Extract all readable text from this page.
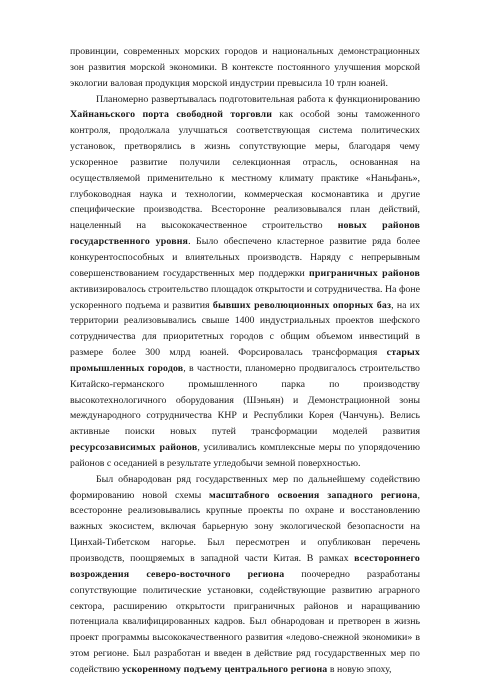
провинции, современных морских городов и национальных демонстрационных зон развития морской экономики. В контексте постоянного улучшения морской экологии валовая продукция морской индустрии превысила 10 трлн юаней.

Планомерно развертывалась подготовительная работа к функционированию Хайнаньского порта свободной торговли как особой зоны таможенного контроля, продолжала улучшаться соответствующая система политических установок, претворялись в жизнь сопутствующие меры, благодаря чему ускоренное развитие получили селекционная отрасль, основанная на осуществляемой применительно к местному климату практике «Наньфань», глубоководная наука и технологии, коммерческая космонавтика и другие специфические производства. Всесторонне реализовывался план действий, нацеленный на высококачественное строительство новых районов государственного уровня. Было обеспечено кластерное развитие ряда более конкурентоспособных и влиятельных производств. Наряду с непрерывным совершенствованием государственных мер поддержки приграничных районов активизировалось строительство площадок открытости и сотрудничества. На фоне ускоренного подъема и развития бывших революционных опорных баз, на их территории реализовывались свыше 1400 индустриальных проектов шефского сотрудничества для приоритетных городов с общим объемом инвестиций в размере более 300 млрд юаней. Форсировалась трансформация старых промышленных городов, в частности, планомерно продвигалось строительство Китайско-германского промышленного парка по производству высокотехнологичного оборудования (Шэньян) и Демонстрационной зоны международного сотрудничества КНР и Республики Корея (Чанчунь). Велись активные поиски новых путей трансформации моделей развития ресурсозависимых районов, усиливались комплексные меры по упорядочению районов с оседанией в результате угледобычи земной поверхностью.

Был обнародован ряд государственных мер по дальнейшему содействию формированию новой схемы масштабного освоения западного региона, всесторонне реализовывались крупные проекты по охране и восстановлению важных экосистем, включая барьерную зону экологической безопасности на Цинхай-Тибетском нагорье. Был пересмотрен и опубликован перечень производств, поощряемых в западной части Китая. В рамках всестороннего возрождения северо-восточного региона поочередно разработаны сопутствующие политические установки, содействующие развитию аграрного сектора, расширению открытости приграничных районов и наращиванию потенциала квалифицированных кадров. Был обнародован и претворен в жизнь проект программы высококачественного развития «ледово-снежной экономики» в этом регионе. Был разработан и введен в действие ряд государственных мер по содействию ускоренному подъему центрального региона в новую эпоху,
